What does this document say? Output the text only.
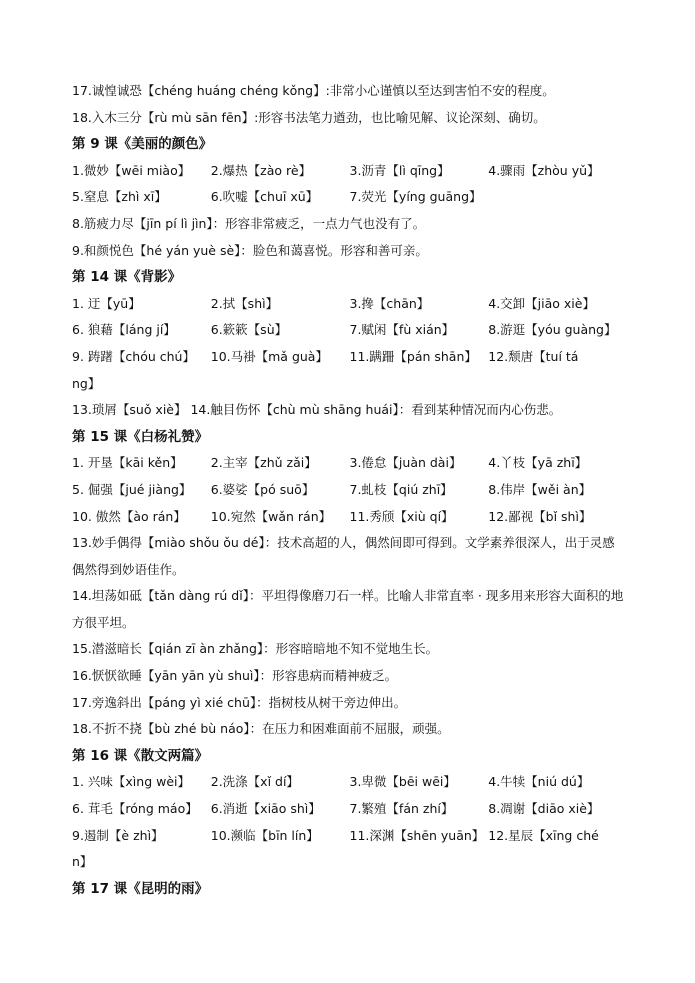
17.诚惶诚恐【chéng huáng chéng kǒng】:非常小心谨慎以至达到害怕不安的程度。
18.入木三分【rù mù sān fēn】:形容书法笔力遒劲，也比喻见解、议论深刻、确切。
第 9 课《美丽的颜色》
1.微妙【wēi miào】	2.爆热【zào rè】	3.沥青【lì qīng】	4.骤雨【zhòu yǔ】
5.窒息【zhì xī】	6.吹嘘【chuī xū】	7.荧光【yíng guāng】
8.筋疲力尽【jīn pí lì jìn】：形容非常疲乏，一点力气也没有了。
9.和颜悦色【hé yán yuè sè】：脸色和蔼喜悦。形容和善可亲。
第 14 课《背影》
1. 迂【yū】	2.拭【shì】	3.搀【chān】	4.交卸【jiāo xiè】
6. 狼藉【láng jí】	6.簌簌【sù】	7.赋闲【fù xián】	8.游逛【yóu guàng】
9. 踌躇【chóu chú】	10.马褂【mǎ guà】	11.蹒跚【pán shān】 12.颓唐【tuí tá
ng】
13.琐屑【suǒ xiè】 14.触目伤怀【chù mù shāng huái】：看到某种情况而内心伤悲。
第 15 课《白杨礼赞》
1. 开垦【kāi kěn】	2.主宰【zhǔ zǎi】	3.倦怠【juàn dài】	4.丫枝【yā zhī】
5. 倔强【jué jiàng】	6.婆娑【pó suō】	7.虬枝【qiú zhī】	8.伟岸【wěi àn】
10. 傲然【ào rán】	10.宛然【wǎn rán】	11.秀颀【xiù qí】	12.鄙视【bǐ shì】
13.妙手偶得【miào shǒu ǒu dé】：技术高超的人，偶然间即可得到。文学素养很深人，出于灵感偶然得到妙语佳作。
14.坦荡如砥【tǎn dàng rú dǐ】：平坦得像磨刀石一样。比喻人非常直率 · 现多用来形容大面积的地方很平坦。
15.潜滋暗长【qián zī àn zhǎng】：形容暗暗地不知不觉地生长。
16.恹恹欲睡【yān yān yù shuì】：形容患病而精神疲乏。
17.旁逸斜出【páng yì xié chū】：指树枝从树干旁边伸出。
18.不折不挠【bù zhé bù náo】：在压力和困难面前不屈服，顽强。
第 16 课《散文两篇》
1. 兴味【xìng wèi】	2.洗涤【xǐ dí】	3.卑微【bēi wēi】	4.牛犊【niú dú】
6. 茸毛【róng máo】	6.消逝【xiāo shì】	7.繁殖【fán zhí】	8.凋谢【diāo xiè】
9.遏制【è zhì】	10.濒临【bīn lín】	11.深渊【shēn yuān】 12.星辰【xīng ché
n】
第 17 课《昆明的雨》
